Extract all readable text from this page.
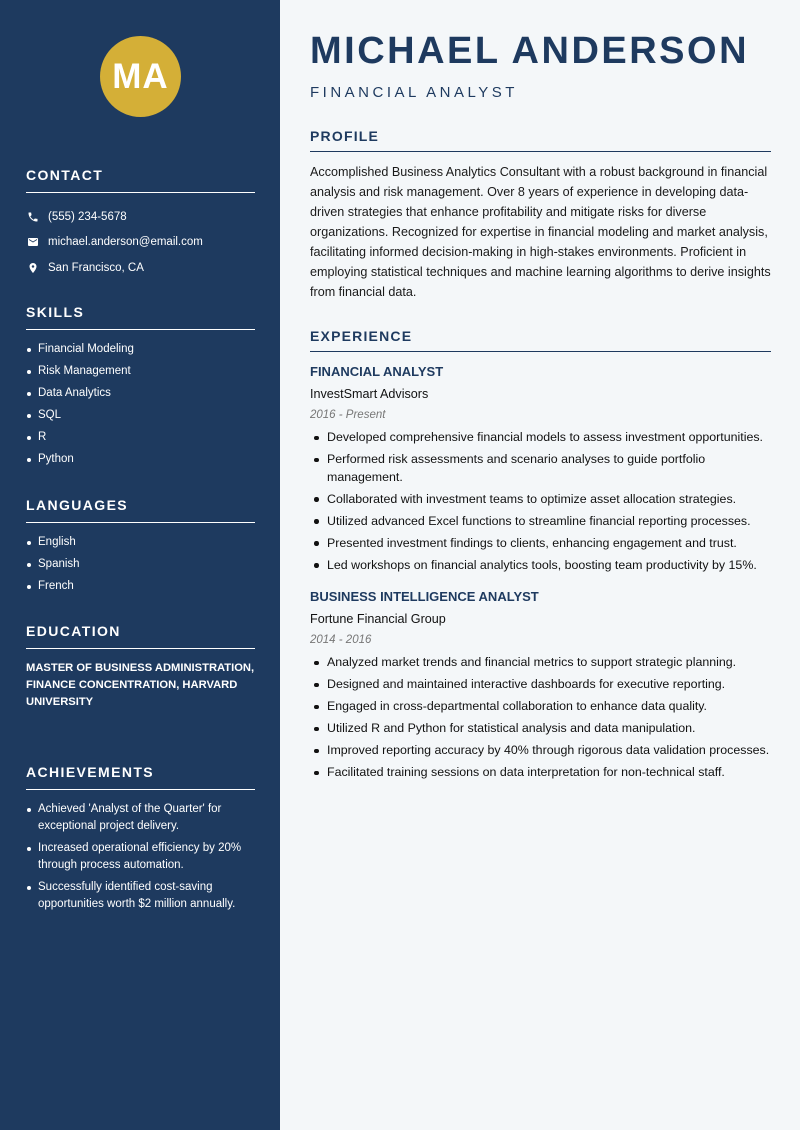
MA
CONTACT
(555) 234-5678
michael.anderson@email.com
San Francisco, CA
SKILLS
Financial Modeling
Risk Management
Data Analytics
SQL
R
Python
LANGUAGES
English
Spanish
French
EDUCATION
MASTER OF BUSINESS ADMINISTRATION, FINANCE CONCENTRATION, HARVARD UNIVERSITY
ACHIEVEMENTS
Achieved 'Analyst of the Quarter' for exceptional project delivery.
Increased operational efficiency by 20% through process automation.
Successfully identified cost-saving opportunities worth $2 million annually.
MICHAEL ANDERSON
FINANCIAL ANALYST
PROFILE

Accomplished Business Analytics Consultant with a robust background in financial analysis and risk management. Over 8 years of experience in developing data-driven strategies that enhance profitability and mitigate risks for diverse organizations. Recognized for expertise in financial modeling and market analysis, facilitating informed decision-making in high-stakes environments. Proficient in employing statistical techniques and machine learning algorithms to derive insights from financial data.

EXPERIENCE
FINANCIAL ANALYST
InvestSmart Advisors
2016 - Present
Developed comprehensive financial models to assess investment opportunities.
Performed risk assessments and scenario analyses to guide portfolio management.
Collaborated with investment teams to optimize asset allocation strategies.
Utilized advanced Excel functions to streamline financial reporting processes.
Presented investment findings to clients, enhancing engagement and trust.
Led workshops on financial analytics tools, boosting team productivity by 15%.
BUSINESS INTELLIGENCE ANALYST
Fortune Financial Group
2014 - 2016
Analyzed market trends and financial metrics to support strategic planning.
Designed and maintained interactive dashboards for executive reporting.
Engaged in cross-departmental collaboration to enhance data quality.
Utilized R and Python for statistical analysis and data manipulation.
Improved reporting accuracy by 40% through rigorous data validation processes.
Facilitated training sessions on data interpretation for non-technical staff.
